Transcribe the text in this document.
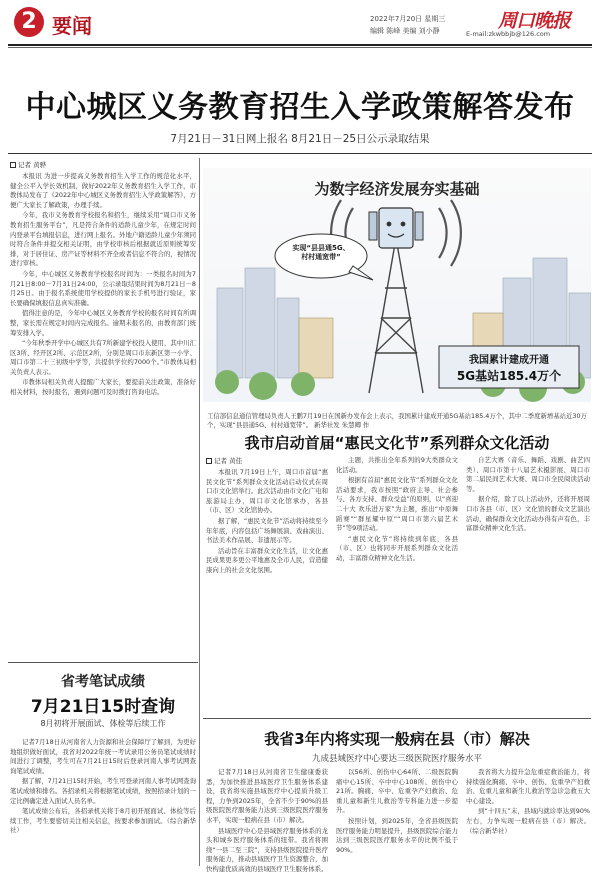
2 要闻	2022年7月20日 星期三
编辑 陈峰 美编 刘小静	周口晚报
E-mail:zkwbbjb@126.com
中心城区义务教育招生入学政策解答发布
7月21日－31日网上报名 8月21日－25日公示录取结果
记者 黄骅

本报讯 为进一步提高义务教育招生入学工作的规范化水平，健全公平入学长效机制，做好2022年义务教育招生入学工作，市教体局发布了《2022年中心城区义务教育招生入学政策解答》，方便广大家长了解政策，办理手续。

今年，我市义务教育学校报名和招生，继续采用“周口市义务教育招生服务平台”，凡是符合条件的适龄儿童少年，在规定时间内登录平台填报信息，进行网上报名。外地户籍适龄儿童少年须同时符合条件并提交相关证明，由学校审核后根据就近原则统筹安排，对于居住证、房产证等材料不齐全或者信息不符合的，视情况进行审核。

今年，中心城区义务教育学校报名时间为：一类报名时间为7月21日8:00－7月31日24:00，公示录取结果时间为8月21日－8月25日。由于报名系统使用学校提供的家长手机号进行验证，家长要确保填报信息真实准确。

值得注意的是，今年中心城区义务教育学校的报名时间有所调整，家长需在规定时间内完成报名。逾期未报名的，由教育部门统筹安排入学。

“今年秋季开学中心城区共有7所新建学校投入使用，其中川汇区3所、经开区2所、示范区2所，分别是周口市东新区第一小学、周口市第二十三初级中学等，共提供学位约7000个。”市教体局相关负责人表示。

市教体局相关负责人提醒广大家长，要提前关注政策，准备好相关材料，按时报名，遇到问题可及时拨打咨询电话。

为数字经济发展夯实基础
实现“县县通5G、村村通宽带”
我国累计建成开通
5G基站185.4万个
工信部信息通信管理局负责人王鹏7月19日在国新办发布会上表示，我国累计建成开通5G基站185.4万个，其中二季度新增基站近30万个，实现“县县通5G、村村通宽带”。 新华社发 朱慧卿 作
我市启动首届“惠民文化节”系列群众文化活动
记者 黄佳

本报讯 7月19日上午，周口市首届“惠民文化节”系列群众文化活动启动仪式在周口市文化馆举行。此次活动由市文化广电和旅游局主办，周口市文化馆承办，各县（市、区）文化馆协办。

据了解，“惠民文化节”活动将持续至今年年底，内容包括广场舞展演、戏曲演出、书法美术作品展、非遗展示等。

活动旨在丰富群众文化生活，让文化惠民成果更多更公平地惠及全市人民，营造健康向上的社会文化氛围。

主题，共推出全年系列的9大类群众文化活动。

根据有首届“惠民文化节”系列群众文化活动要求，我市按照“政府主导、社会参与、各方支持、群众受益”的原则，以“喜迎二十大 欢乐进万家”为主题，推出“中原舞蹈赛”“群星耀中原”“周口市第六届艺术节”等9项活动。

“惠民文化节”将持续到年底，各县（市、区）也将同步开展系列群众文化活动，丰富群众精神文化生活。

自艺大赛（音乐、舞蹈、戏剧、曲艺四类）、周口市第十八届艺术摄影展、周口市第二届民间艺术大赛、周口市全民阅读活动等。

据介绍，除了以上活动外，还将开展周口市各县（市、区）文化馆的群众文艺演出活动，确保群众文化活动办得有声有色，丰富群众精神文化生活。

省考笔试成绩
7月21日15时查询
8月初将开展面试、体检等后续工作

记者7月18日从河南省人力资源和社会保障厅了解到，为更好地组织做好面试，我省对2022年统一考试录用公务员笔试成绩时间进行了调整，考生可在7月21日15时后登录河南人事考试网查询笔试成绩。

据了解，7月21日15时开始，考生可登录河南人事考试网查询笔试成绩和排名。各招录机关将根据笔试成绩，按照招录计划的一定比例确定进入面试人员名单。

笔试成绩公布后，各招录机关将于8月初开展面试、体检等后续工作，考生要密切关注相关信息，按要求参加面试。（综合新华社）

我省3年内将实现一般病在县（市）解决
九成县域医疗中心要达三级医院医疗服务水平

记者7月18日从河南省卫生健康委获悉，为加快推进县域医疗卫生服务体系建设，我省将实施县域医疗中心提质升级工程，力争到2025年，全省不少于90%的县级医院医疗服务能力达到三级医院医疗服务水平，实现一般病在县（市）解决。

县域医疗中心是县域医疗服务体系的龙头和城乡医疗服务体系的纽带。我省将围绕“一县二至三院”，支持县级医院提升医疗服务能力，推动县域医疗卫生资源整合，加快构建优质高效的县域医疗卫生服务体系。

以56所、创伤中心64所、二级医院胸痛中心15所、卒中中心108所、创伤中心21所。胸痛、卒中、危重孕产妇救治、危重儿童和新生儿救治等专科能力进一步提升。

按照计划，到2025年，全省县级医院医疗服务能力明显提升，县级医院综合能力达到三级医院医疗服务水平的比例不低于90%。

我省将大力提升急危重症救治能力，将持续强化胸痛、卒中、创伤、危重孕产妇救治、危重儿童和新生儿救治等急诊急救五大中心建设。

到“十四五”末，县域内就诊率达到90%左右，力争实现一般病在县（市）解决。（综合新华社）
